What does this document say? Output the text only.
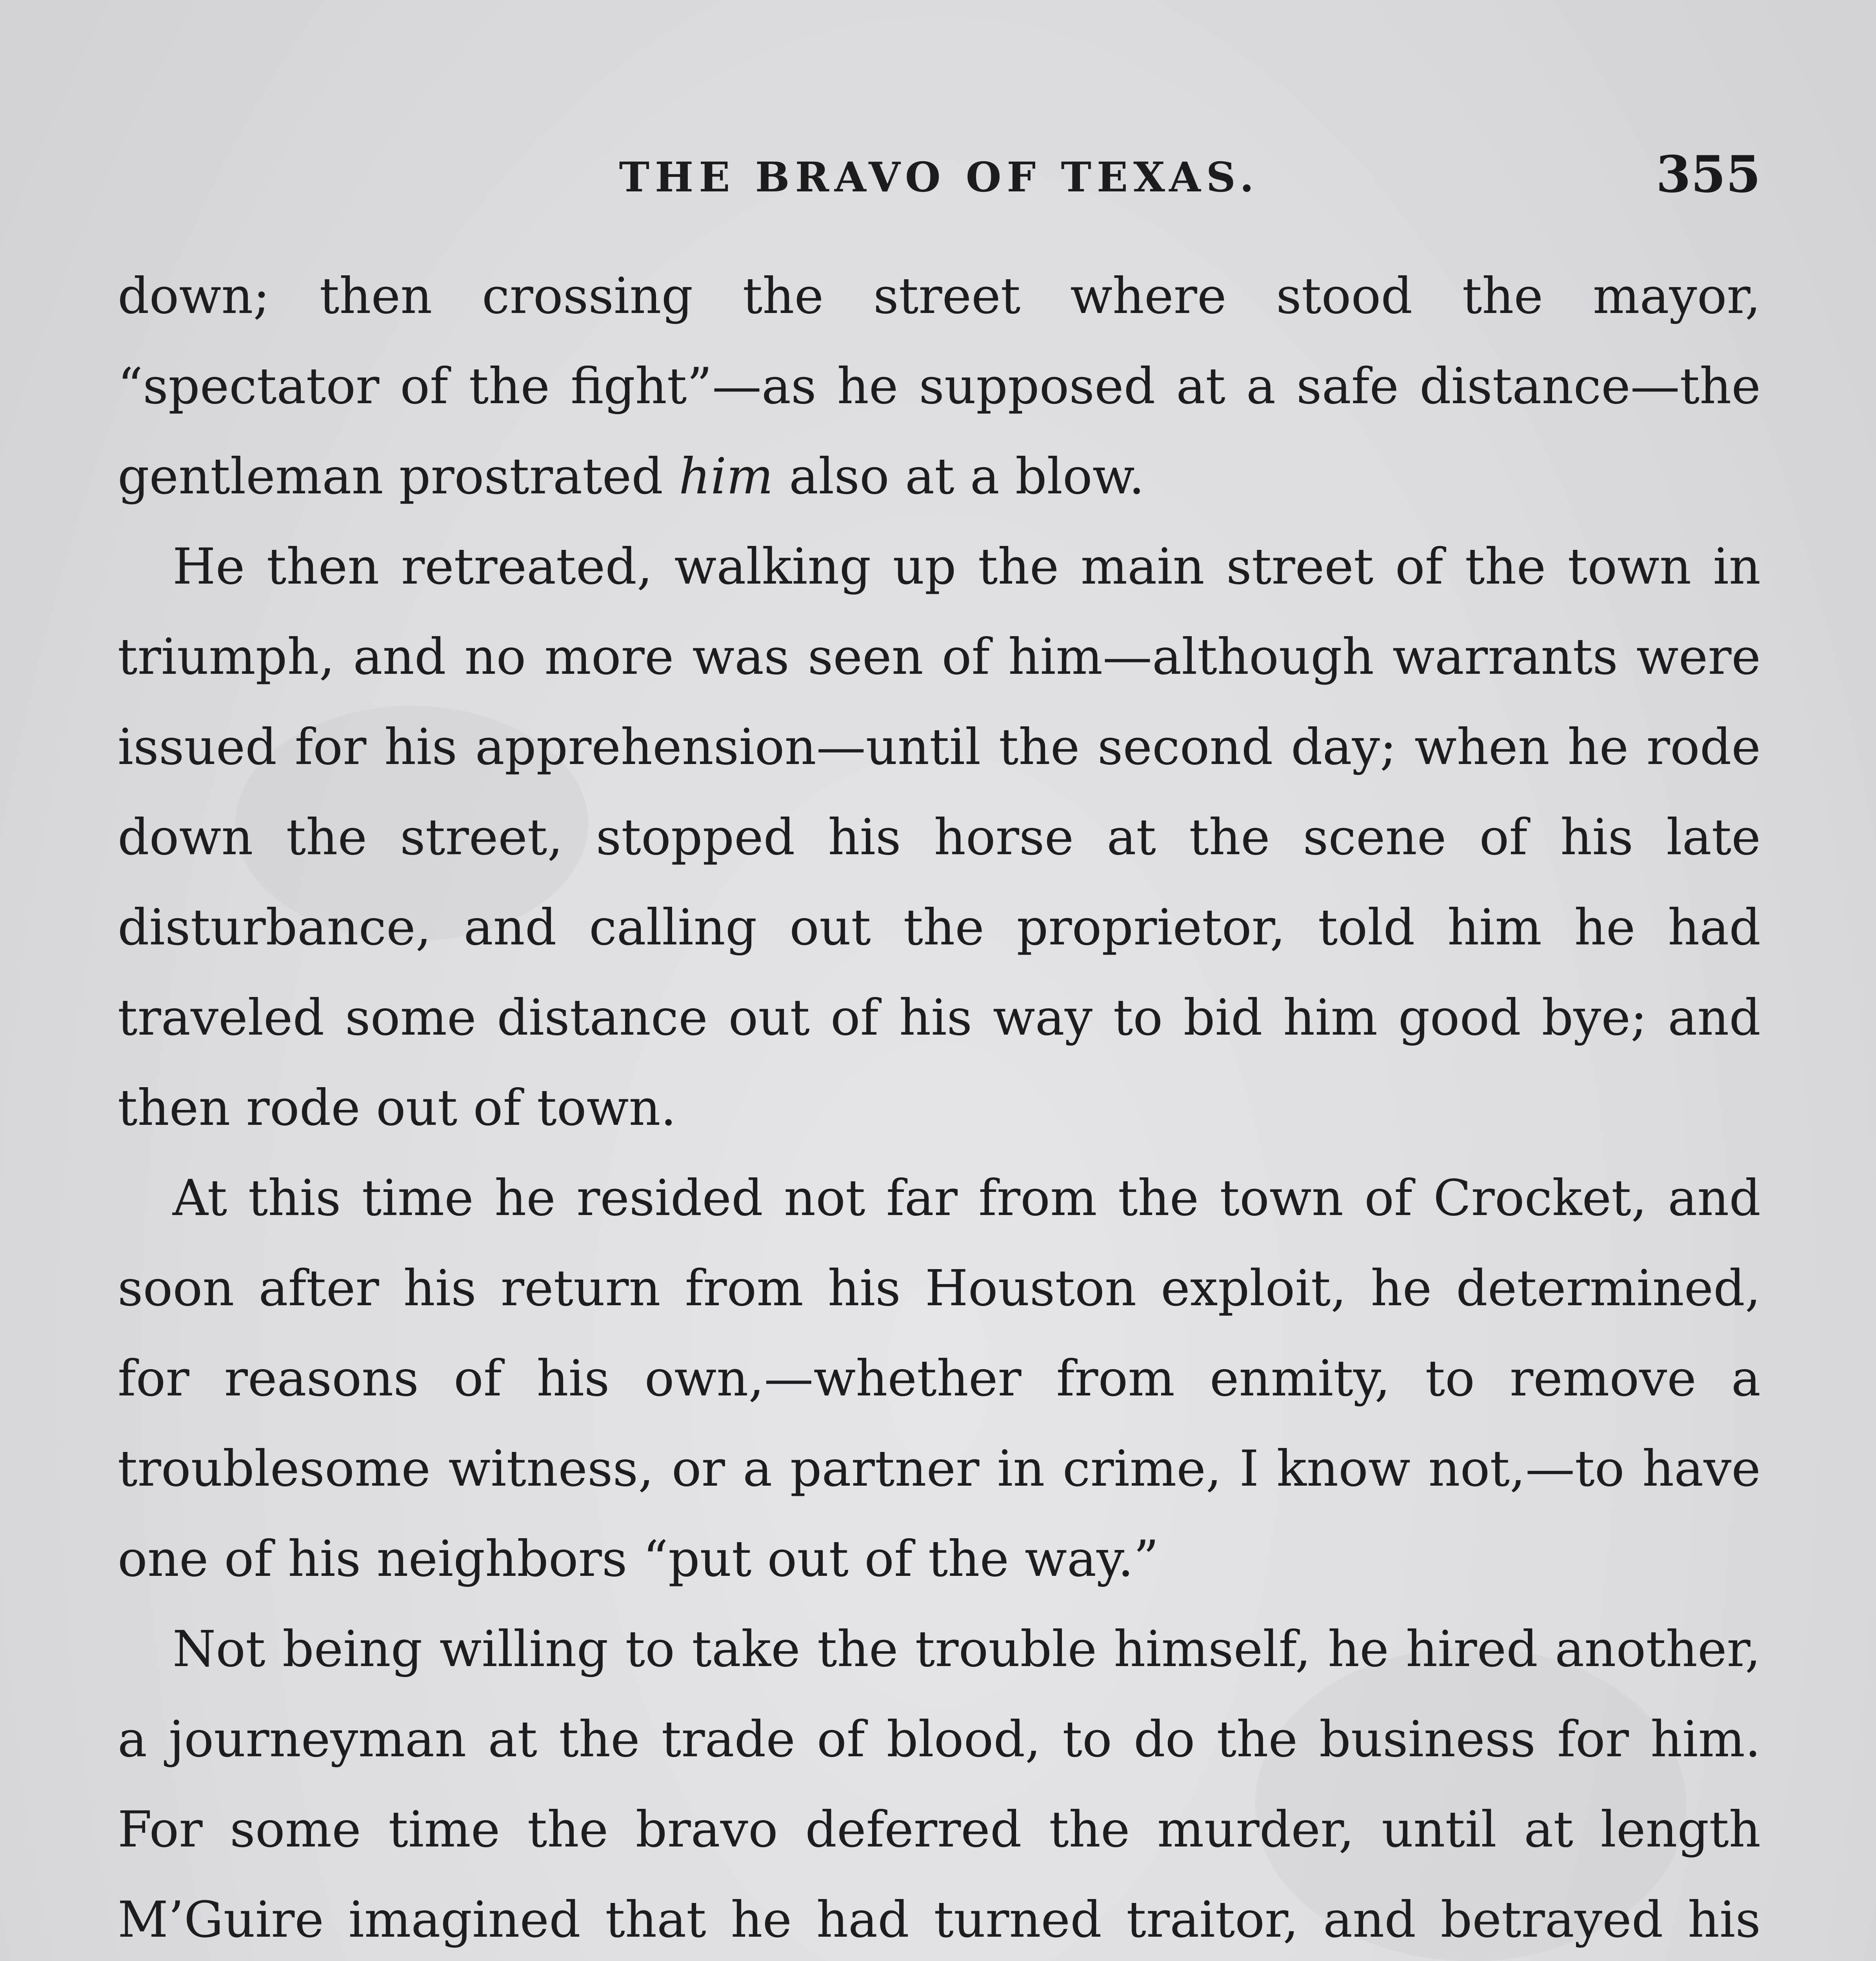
THE BRAVO OF TEXAS.	355

down; then crossing the street where stood the mayor, “spectator of the fight”—as he supposed at a safe distance—the gentleman prostrated him also at a blow.

He then retreated, walking up the main street of the town in triumph, and no more was seen of him—although warrants were issued for his apprehension—until the second day; when he rode down the street, stopped his horse at the scene of his late disturbance, and calling out the proprietor, told him he had traveled some distance out of his way to bid him good bye; and then rode out of town.

At this time he resided not far from the town of Crocket, and soon after his return from his Houston exploit, he determined, for reasons of his own,—whether from enmity, to remove a troublesome witness, or a partner in crime, I know not,—to have one of his neighbors “put out of the way.”

Not being willing to take the trouble himself, he hired another, a journeyman at the trade of blood, to do the business for him. For some time the bravo deferred the murder, until at length M’Guire imagined that he had turned traitor, and betrayed his
